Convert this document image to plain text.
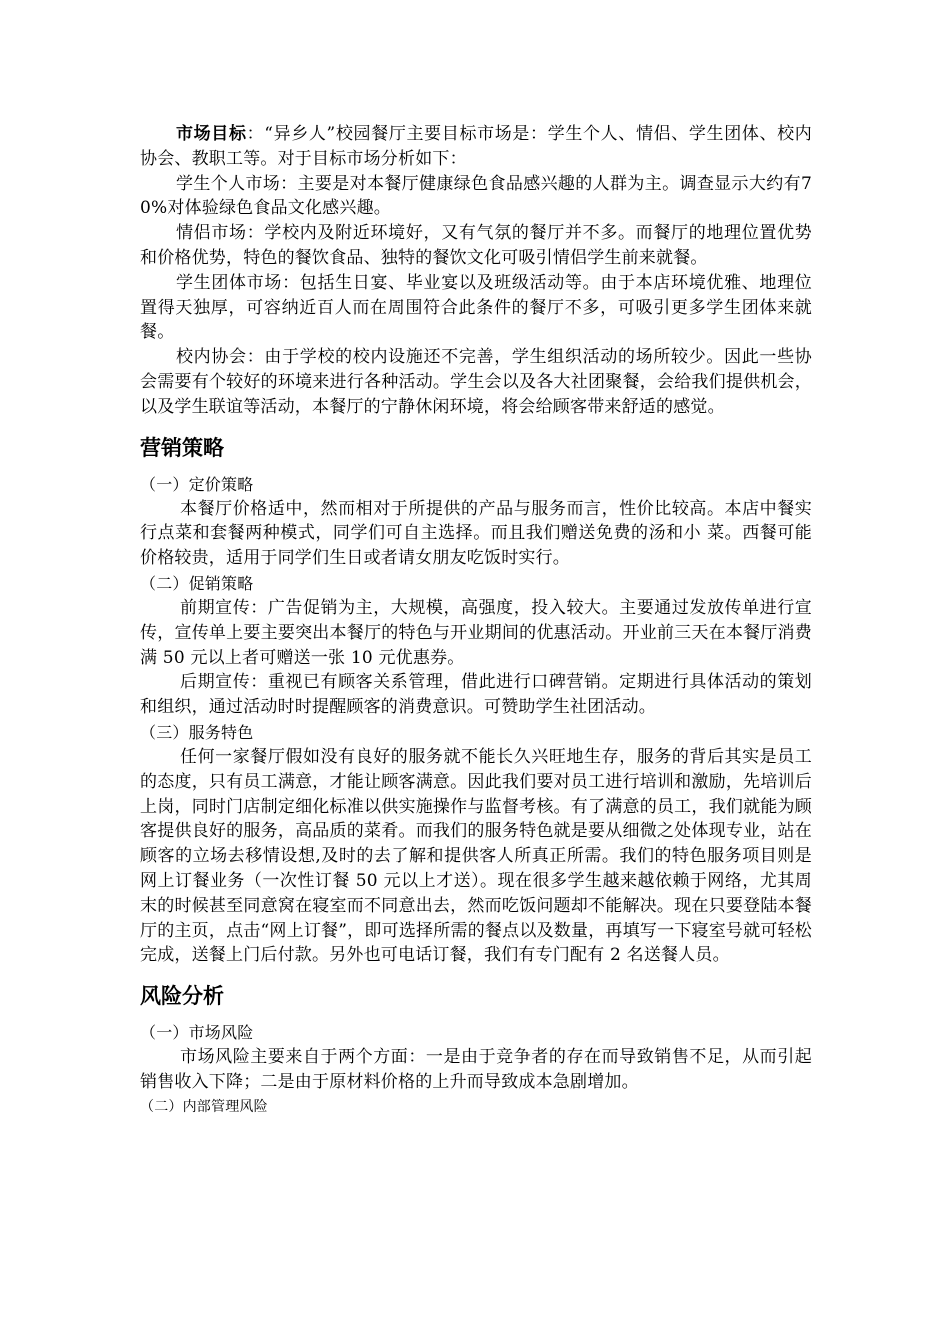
市场目标：“异乡人”校园餐厅主要目标市场是：学生个人、情侣、学生团体、校内协会、教职工等。对于目标市场分析如下：

学生个人市场：主要是对本餐厅健康绿色食品感兴趣的人群为主。调查显示大约有70%对体验绿色食品文化感兴趣。

情侣市场：学校内及附近环境好，又有气氛的餐厅并不多。而餐厅的地理位置优势和价格优势，特色的餐饮食品、独特的餐饮文化可吸引情侣学生前来就餐。

学生团体市场：包括生日宴、毕业宴以及班级活动等。由于本店环境优雅、地理位置得天独厚，可容纳近百人而在周围符合此条件的餐厅不多，可吸引更多学生团体来就餐。

校内协会：由于学校的校内设施还不完善，学生组织活动的场所较少。因此一些协会需要有个较好的环境来进行各种活动。学生会以及各大社团聚餐，会给我们提供机会，以及学生联谊等活动，本餐厅的宁静休闲环境，将会给顾客带来舒适的感觉。

营销策略

（一）定价策略

本餐厅价格适中，然而相对于所提供的产品与服务而言，性价比较高。本店中餐实行点菜和套餐两种模式，同学们可自主选择。而且我们赠送免费的汤和小 菜。西餐可能价格较贵，适用于同学们生日或者请女朋友吃饭时实行。

（二）促销策略

前期宣传：广告促销为主，大规模，高强度，投入较大。主要通过发放传单进行宣传，宣传单上要主要突出本餐厅的特色与开业期间的优惠活动。开业前三天在本餐厅消费满 50 元以上者可赠送一张 10 元优惠券。

后期宣传：重视已有顾客关系管理，借此进行口碑营销。定期进行具体活动的策划和组织，通过活动时时提醒顾客的消费意识。可赞助学生社团活动。

（三）服务特色

任何一家餐厅假如没有良好的服务就不能长久兴旺地生存，服务的背后其实是员工的态度，只有员工满意，才能让顾客满意。因此我们要对员工进行培训和激励，先培训后上岗，同时门店制定细化标准以供实施操作与监督考核。有了满意的员工，我们就能为顾客提供良好的服务，高品质的菜肴。而我们的服务特色就是要从细微之处体现专业，站在顾客的立场去移情设想,及时的去了解和提供客人所真正所需。我们的特色服务项目则是网上订餐业务（一次性订餐 50 元以上才送）。现在很多学生越来越依赖于网络，尤其周末的时候甚至同意窝在寝室而不同意出去，然而吃饭问题却不能解决。现在只要登陆本餐厅的主页，点击“网上订餐”，即可选择所需的餐点以及数量，再填写一下寝室号就可轻松完成，送餐上门后付款。另外也可电话订餐，我们有专门配有 2 名送餐人员。

风险分析

（一）市场风险

市场风险主要来自于两个方面：一是由于竞争者的存在而导致销售不足，从而引起销售收入下降；二是由于原材料价格的上升而导致成本急剧增加。

（二）内部管理风险
